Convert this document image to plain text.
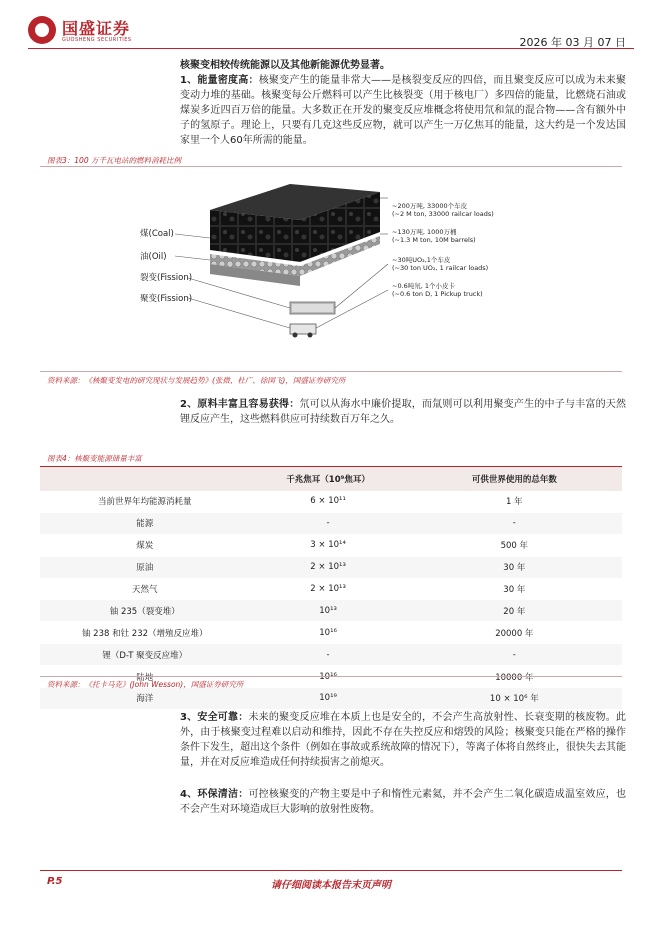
国盛证券
GUOSHENG SECURITIES	2026 年 03 月 07 日
核聚变相较传统能源以及其他新能源优势显著。
1、能量密度高：核聚变产生的能量非常大——是核裂变反应的四倍，而且聚变反应可以成为未来聚变动力堆的基础。核聚变每公斤燃料可以产生比核裂变（用于核电厂）多四倍的能量，比燃烧石油或煤炭多近四百万倍的能量。大多数正在开发的聚变反应堆概念将使用氘和氚的混合物——含有额外中子的氢原子。理论上，只要有几克这些反应物，就可以产生一万亿焦耳的能量，这大约是一个发达国家里一个人60年所需的能量。
图表3：100 万千瓦电站的燃料消耗比例
煤(Coal)
油(Oil)
裂变(Fission)
聚变(Fission)
~200万吨, 33000个车皮
(~2 M ton, 33000 railcar loads)
~130万吨, 1000万桶
(~1.3 M ton, 10M barrels)
~30吨UO₂,1个车皮
(~30 ton UO₂, 1 railcar loads)
~0.6吨氘, 1个小皮卡
(~0.6 ton D, 1 Pickup truck)
资料来源：《核聚变发电的研究现状与发展趋势》(张微、杜广、徐国飞)，国盛证券研究所
2、原料丰富且容易获得：氘可以从海水中廉价提取，而氚则可以利用聚变产生的中子与丰富的天然锂反应产生，这些燃料供应可持续数百万年之久。
图表4：核聚变能源储量丰富
	千兆焦耳（10⁹焦耳）	可供世界使用的总年数
当前世界年均能源消耗量	6 × 10¹¹	1 年
能源	-	-
煤炭	3 × 10¹⁴	500 年
原油	2 × 10¹³	30 年
天然气	2 × 10¹³	30 年
铀 235（裂变堆）	10¹³	20 年
铀 238 和钍 232（增殖反应堆）	10¹⁶	20000 年
锂（D-T 聚变反应堆）	-	-
陆地	10¹⁶	10000 年
海洋	10¹⁹	10 × 10⁶ 年
资料来源：《托卡马克》(John Wesson)，国盛证券研究所
3、安全可靠：未来的聚变反应堆在本质上也是安全的，不会产生高放射性、长衰变期的核废物。此外，由于核聚变过程难以启动和维持，因此不存在失控反应和熔毁的风险；核聚变只能在严格的操作条件下发生，超出这个条件（例如在事故或系统故障的情况下），等离子体将自然终止，很快失去其能量，并在对反应堆造成任何持续损害之前熄灭。
4、环保清洁：可控核聚变的产物主要是中子和惰性元素氦，并不会产生二氧化碳造成温室效应，也不会产生对环境造成巨大影响的放射性废物。
P.5	请仔细阅读本报告末页声明
